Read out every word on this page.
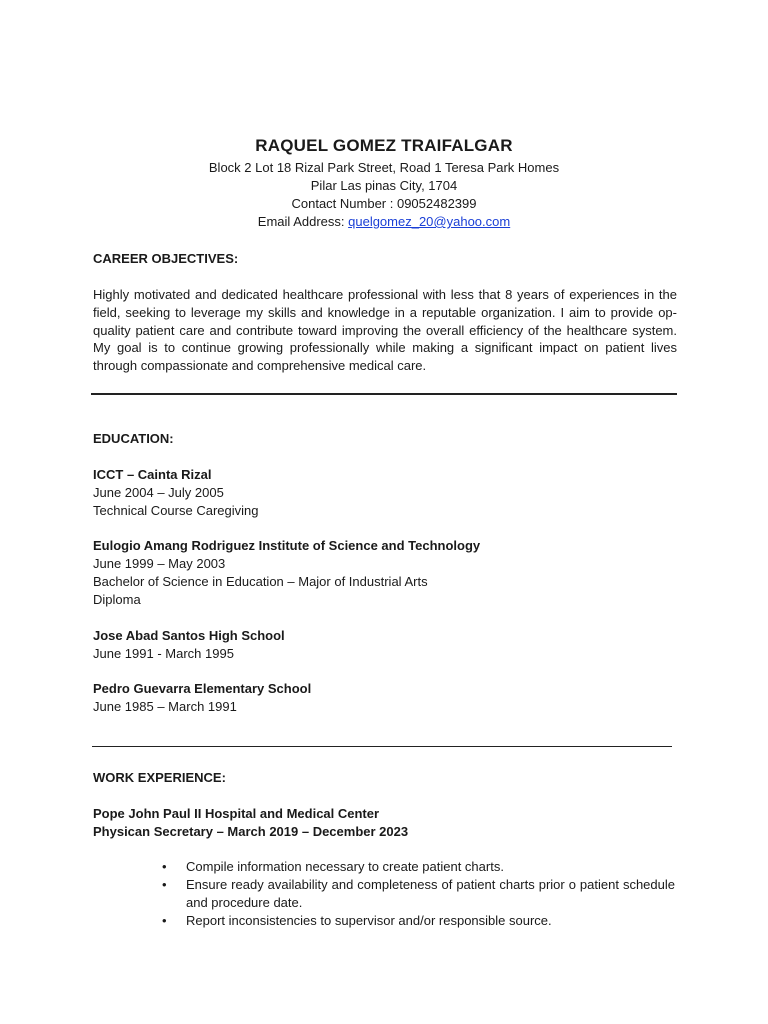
RAQUEL GOMEZ TRAIFALGAR
Block 2 Lot 18 Rizal Park Street, Road 1 Teresa Park Homes
Pilar Las pinas City, 1704
Contact Number : 09052482399
Email Address: quelgomez_20@yahoo.com
CAREER OBJECTIVES:
Highly motivated and dedicated healthcare professional with less that 8 years of experiences in the field, seeking to leverage my skills and knowledge in a reputable organization. I aim to provide op-quality patient care and contribute toward improving the overall efficiency of the healthcare system. My goal is to continue growing professionally while making a significant impact on patient lives through compassionate and comprehensive medical care.
EDUCATION:
ICCT – Cainta Rizal
June 2004 – July 2005
Technical Course Caregiving
Eulogio Amang Rodriguez Institute of Science and Technology
June 1999 – May 2003
Bachelor of Science in Education – Major of Industrial Arts
Diploma
Jose Abad Santos High School
June 1991 - March 1995
Pedro Guevarra Elementary School
June 1985 – March 1991
WORK EXPERIENCE:
Pope John Paul II Hospital and Medical Center
Physican Secretary – March 2019 – December 2023
• Compile information necessary to create patient charts.
• Ensure ready availability and completeness of patient charts prior o patient schedule and procedure date.
• Report inconsistencies to supervisor and/or responsible source.
